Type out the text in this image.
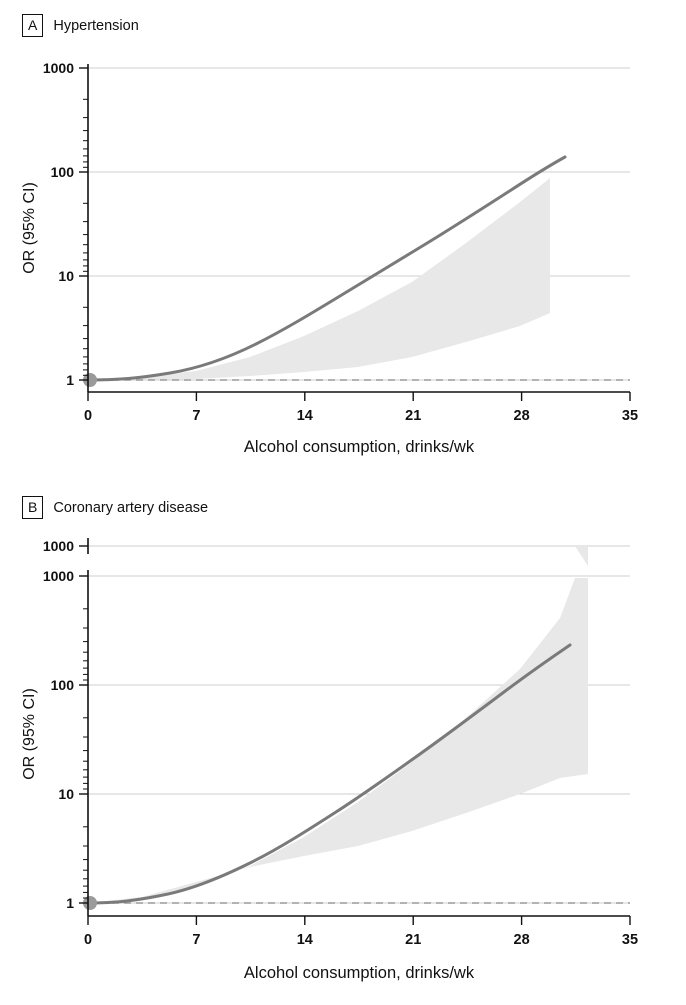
A	Hypertension
1000
100
10
1
0	7	14	21	28	35
Alcohol consumption, drinks/wk
OR (95% CI)
B	Coronary artery disease
1000
1000
100
10
1
0	7	14	21	28	35
Alcohol consumption, drinks/wk
OR (95% CI)
